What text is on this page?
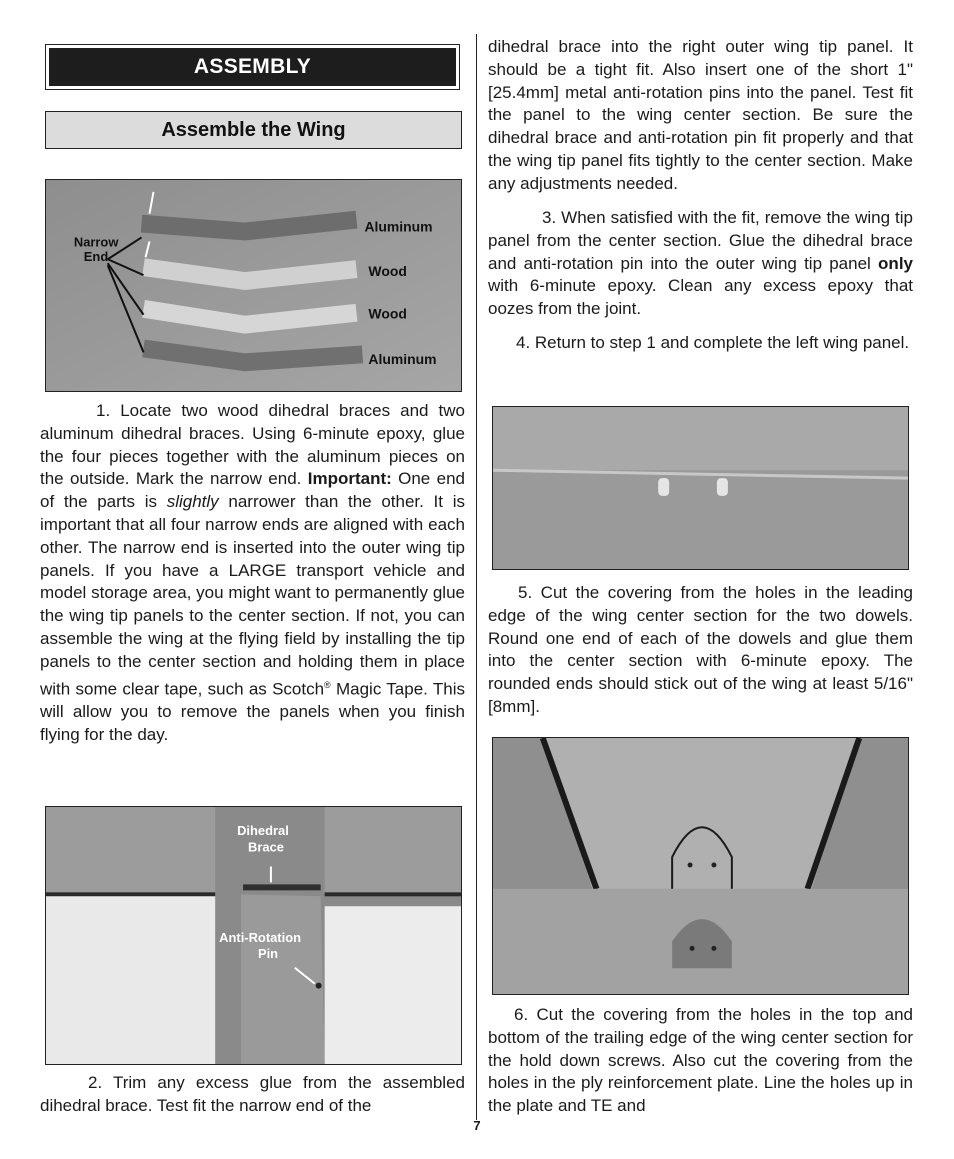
ASSEMBLY
Assemble the Wing
Narrow
End
Aluminum
Wood
Wood
Aluminum

1. Locate two wood dihedral braces and two aluminum dihedral braces. Using 6-minute epoxy, glue the four pieces together with the aluminum pieces on the outside. Mark the narrow end. Important: One end of the parts is slightly narrower than the other. It is important that all four narrow ends are aligned with each other. The narrow end is inserted into the outer wing tip panels. If you have a LARGE transport vehicle and model storage area, you might want to permanently glue the wing tip panels to the center section. If not, you can assemble the wing at the flying field by installing the tip panels to the center section and holding them in place with some clear tape, such as Scotch® Magic Tape. This will allow you to remove the panels when you finish flying for the day.

Dihedral
Brace
Anti-Rotation
Pin

2. Trim any excess glue from the assembled dihedral brace. Test fit the narrow end of the

dihedral brace into the right outer wing tip panel. It should be a tight fit. Also insert one of the short 1" [25.4mm] metal anti-rotation pins into the panel. Test fit the panel to the wing center section. Be sure the dihedral brace and anti-rotation pin fit properly and that the wing tip panel fits tightly to the center section. Make any adjustments needed.

3. When satisfied with the fit, remove the wing tip panel from the center section. Glue the dihedral brace and anti-rotation pin into the outer wing tip panel only with 6-minute epoxy. Clean any excess epoxy that oozes from the joint.

4. Return to step 1 and complete the left wing panel.

5. Cut the covering from the holes in the leading edge of the wing center section for the two dowels. Round one end of each of the dowels and glue them into the center section with 6-minute epoxy. The rounded ends should stick out of the wing at least 5/16" [8mm].

6. Cut the covering from the holes in the top and bottom of the trailing edge of the wing center section for the hold down screws. Also cut the covering from the holes in the ply reinforcement plate. Line the holes up in the plate and TE and

7
